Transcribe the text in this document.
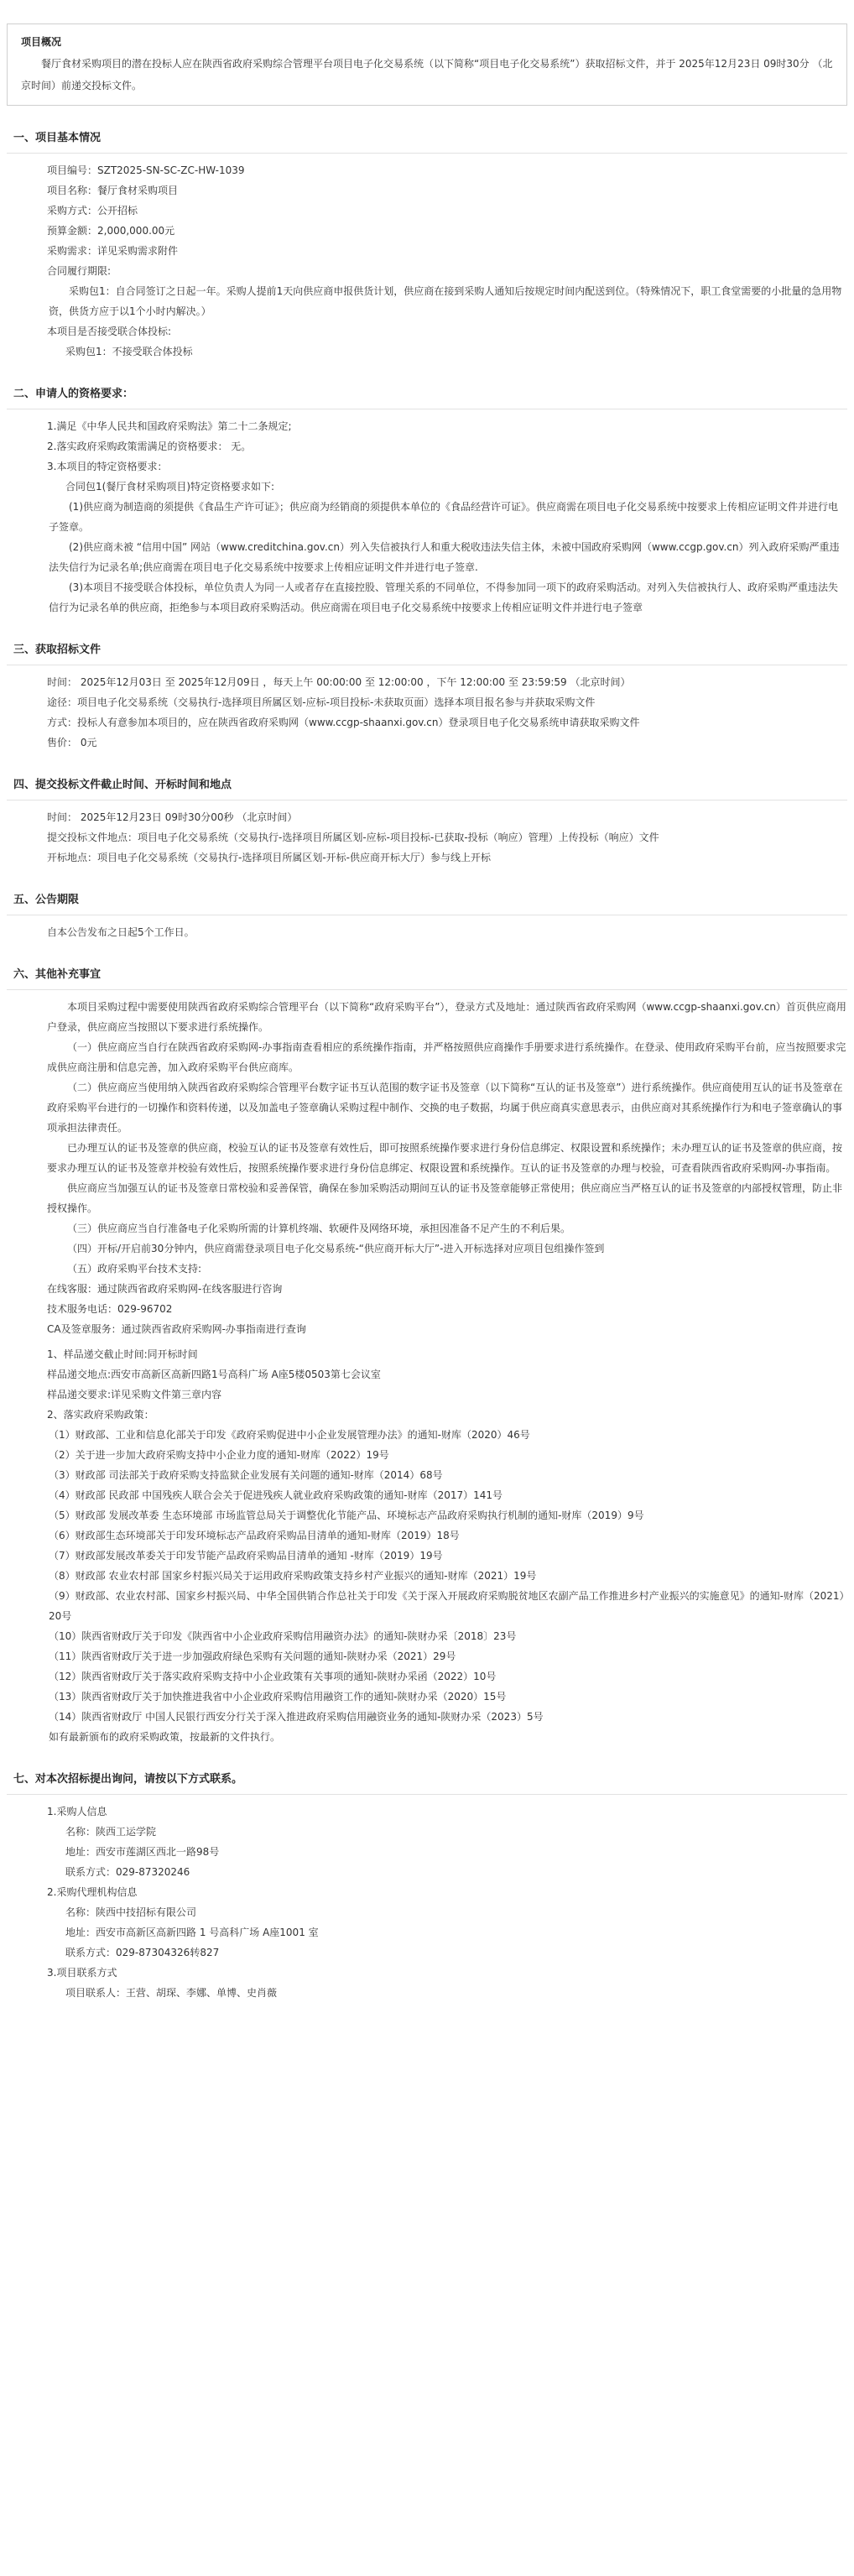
项目概况
餐厅食材采购项目的潜在投标人应在陕西省政府采购综合管理平台项目电子化交易系统（以下简称“项目电子化交易系统”）获取招标文件，并于 2025年12月23日 09时30分 （北京时间）前递交投标文件。
一、项目基本情况
项目编号：SZT2025-SN-SC-ZC-HW-1039
项目名称：餐厅食材采购项目
采购方式：公开招标
预算金额：2,000,000.00元
采购需求：详见采购需求附件
合同履行期限:
采购包1：自合同签订之日起一年。采购人提前1天向供应商申报供货计划，供应商在接到采购人通知后按规定时间内配送到位。（特殊情况下，职工食堂需要的小批量的急用物资，供货方应于以1个小时内解决。）
本项目是否接受联合体投标:
采购包1：不接受联合体投标
二、申请人的资格要求：
1.满足《中华人民共和国政府采购法》第二十二条规定;
2.落实政府采购政策需满足的资格要求： 无。
3.本项目的特定资格要求：
合同包1(餐厅食材采购项目)特定资格要求如下:
(1)供应商为制造商的须提供《食品生产许可证》；供应商为经销商的须提供本单位的《食品经营许可证》。供应商需在项目电子化交易系统中按要求上传相应证明文件并进行电子签章。
(2)供应商未被 “信用中国” 网站（www.creditchina.gov.cn）列入失信被执行人和重大税收违法失信主体，未被中国政府采购网（www.ccgp.gov.cn）列入政府采购严重违法失信行为记录名单;供应商需在项目电子化交易系统中按要求上传相应证明文件并进行电子签章.
(3)本项目不接受联合体投标，单位负责人为同一人或者存在直接控股、管理关系的不同单位，不得参加同一项下的政府采购活动。对列入失信被执行人、政府采购严重违法失信行为记录名单的供应商，拒绝参与本项目政府采购活动。供应商需在项目电子化交易系统中按要求上传相应证明文件并进行电子签章
三、获取招标文件
时间： 2025年12月03日 至 2025年12月09日 ，每天上午 00:00:00 至 12:00:00 ，下午 12:00:00 至 23:59:59 （北京时间）
途径：项目电子化交易系统（交易执行-选择项目所属区划-应标-项目投标-未获取页面）选择本项目报名参与并获取采购文件
方式：投标人有意参加本项目的，应在陕西省政府采购网（www.ccgp-shaanxi.gov.cn）登录项目电子化交易系统申请获取采购文件
售价： 0元
四、提交投标文件截止时间、开标时间和地点
时间： 2025年12月23日 09时30分00秒 （北京时间）
提交投标文件地点：项目电子化交易系统（交易执行-选择项目所属区划-应标-项目投标-已获取-投标（响应）管理）上传投标（响应）文件
开标地点：项目电子化交易系统（交易执行-选择项目所属区划-开标-供应商开标大厅）参与线上开标
五、公告期限
自本公告发布之日起5个工作日。
六、其他补充事宜
本项目采购过程中需要使用陕西省政府采购综合管理平台（以下简称“政府采购平台”），登录方式及地址：通过陕西省政府采购网（www.ccgp-shaanxi.gov.cn）首页供应商用户登录，供应商应当按照以下要求进行系统操作。
（一）供应商应当自行在陕西省政府采购网-办事指南查看相应的系统操作指南，并严格按照供应商操作手册要求进行系统操作。在登录、使用政府采购平台前，应当按照要求完成供应商注册和信息完善，加入政府采购平台供应商库。
（二）供应商应当使用纳入陕西省政府采购综合管理平台数字证书互认范围的数字证书及签章（以下简称“互认的证书及签章”）进行系统操作。供应商使用互认的证书及签章在政府采购平台进行的一切操作和资料传递，以及加盖电子签章确认采购过程中制作、交换的电子数据，均属于供应商真实意思表示，由供应商对其系统操作行为和电子签章确认的事项承担法律责任。
已办理互认的证书及签章的供应商，校验互认的证书及签章有效性后，即可按照系统操作要求进行身份信息绑定、权限设置和系统操作；未办理互认的证书及签章的供应商，按要求办理互认的证书及签章并校验有效性后，按照系统操作要求进行身份信息绑定、权限设置和系统操作。互认的证书及签章的办理与校验，可查看陕西省政府采购网-办事指南。
供应商应当加强互认的证书及签章日常校验和妥善保管，确保在参加采购活动期间互认的证书及签章能够正常使用；供应商应当严格互认的证书及签章的内部授权管理，防止非授权操作。
（三）供应商应当自行准备电子化采购所需的计算机终端、软硬件及网络环境，承担因准备不足产生的不利后果。
（四）开标/开启前30分钟内，供应商需登录项目电子化交易系统-“供应商开标大厅”-进入开标选择对应项目包组操作签到
（五）政府采购平台技术支持:
在线客服：通过陕西省政府采购网-在线客服进行咨询
技术服务电话：029-96702
CA及签章服务：通过陕西省政府采购网-办事指南进行查询
1、样品递交截止时间:同开标时间
样品递交地点:西安市高新区高新四路1号高科广场 A座5楼0503第七会议室
样品递交要求:详见采购文件第三章内容
2、落实政府采购政策：
（1）财政部、工业和信息化部关于印发《政府采购促进中小企业发展管理办法》的通知-财库（2020）46号
（2）关于进一步加大政府采购支持中小企业力度的通知-财库（2022）19号
（3）财政部 司法部关于政府采购支持监狱企业发展有关问题的通知-财库（2014）68号
（4）财政部 民政部 中国残疾人联合会关于促进残疾人就业政府采购政策的通知-财库（2017）141号
（5）财政部 发展改革委 生态环境部 市场监管总局关于调整优化节能产品、环境标志产品政府采购执行机制的通知-财库（2019）9号
（6）财政部生态环境部关于印发环境标志产品政府采购品目清单的通知-财库（2019）18号
（7）财政部发展改革委关于印发节能产品政府采购品目清单的通知 -财库（2019）19号
（8）财政部 农业农村部 国家乡村振兴局关于运用政府采购政策支持乡村产业振兴的通知-财库（2021）19号
（9）财政部、农业农村部、国家乡村振兴局、中华全国供销合作总社关于印发《关于深入开展政府采购脱贫地区农副产品工作推进乡村产业振兴的实施意见》的通知-财库（2021）20号
（10）陕西省财政厅关于印发《陕西省中小企业政府采购信用融资办法》的通知-陕财办采〔2018〕23号
（11）陕西省财政厅关于进一步加强政府绿色采购有关问题的通知-陕财办采（2021）29号
（12）陕西省财政厅关于落实政府采购支持中小企业政策有关事项的通知-陕财办采函（2022）10号
（13）陕西省财政厅关于加快推进我省中小企业政府采购信用融资工作的通知-陕财办采（2020）15号
（14）陕西省财政厅 中国人民银行西安分行关于深入推进政府采购信用融资业务的通知-陕财办采（2023）5号
如有最新颁布的政府采购政策，按最新的文件执行。
七、对本次招标提出询问，请按以下方式联系。
1.采购人信息
名称：陕西工运学院
地址：西安市莲湖区西北一路98号
联系方式：029-87320246
2.采购代理机构信息
名称：陕西中技招标有限公司
地址：西安市高新区高新四路 1 号高科广场 A座1001 室
联系方式：029-87304326转827
3.项目联系方式
项目联系人：王营、胡琛、李娜、单博、史肖薇
